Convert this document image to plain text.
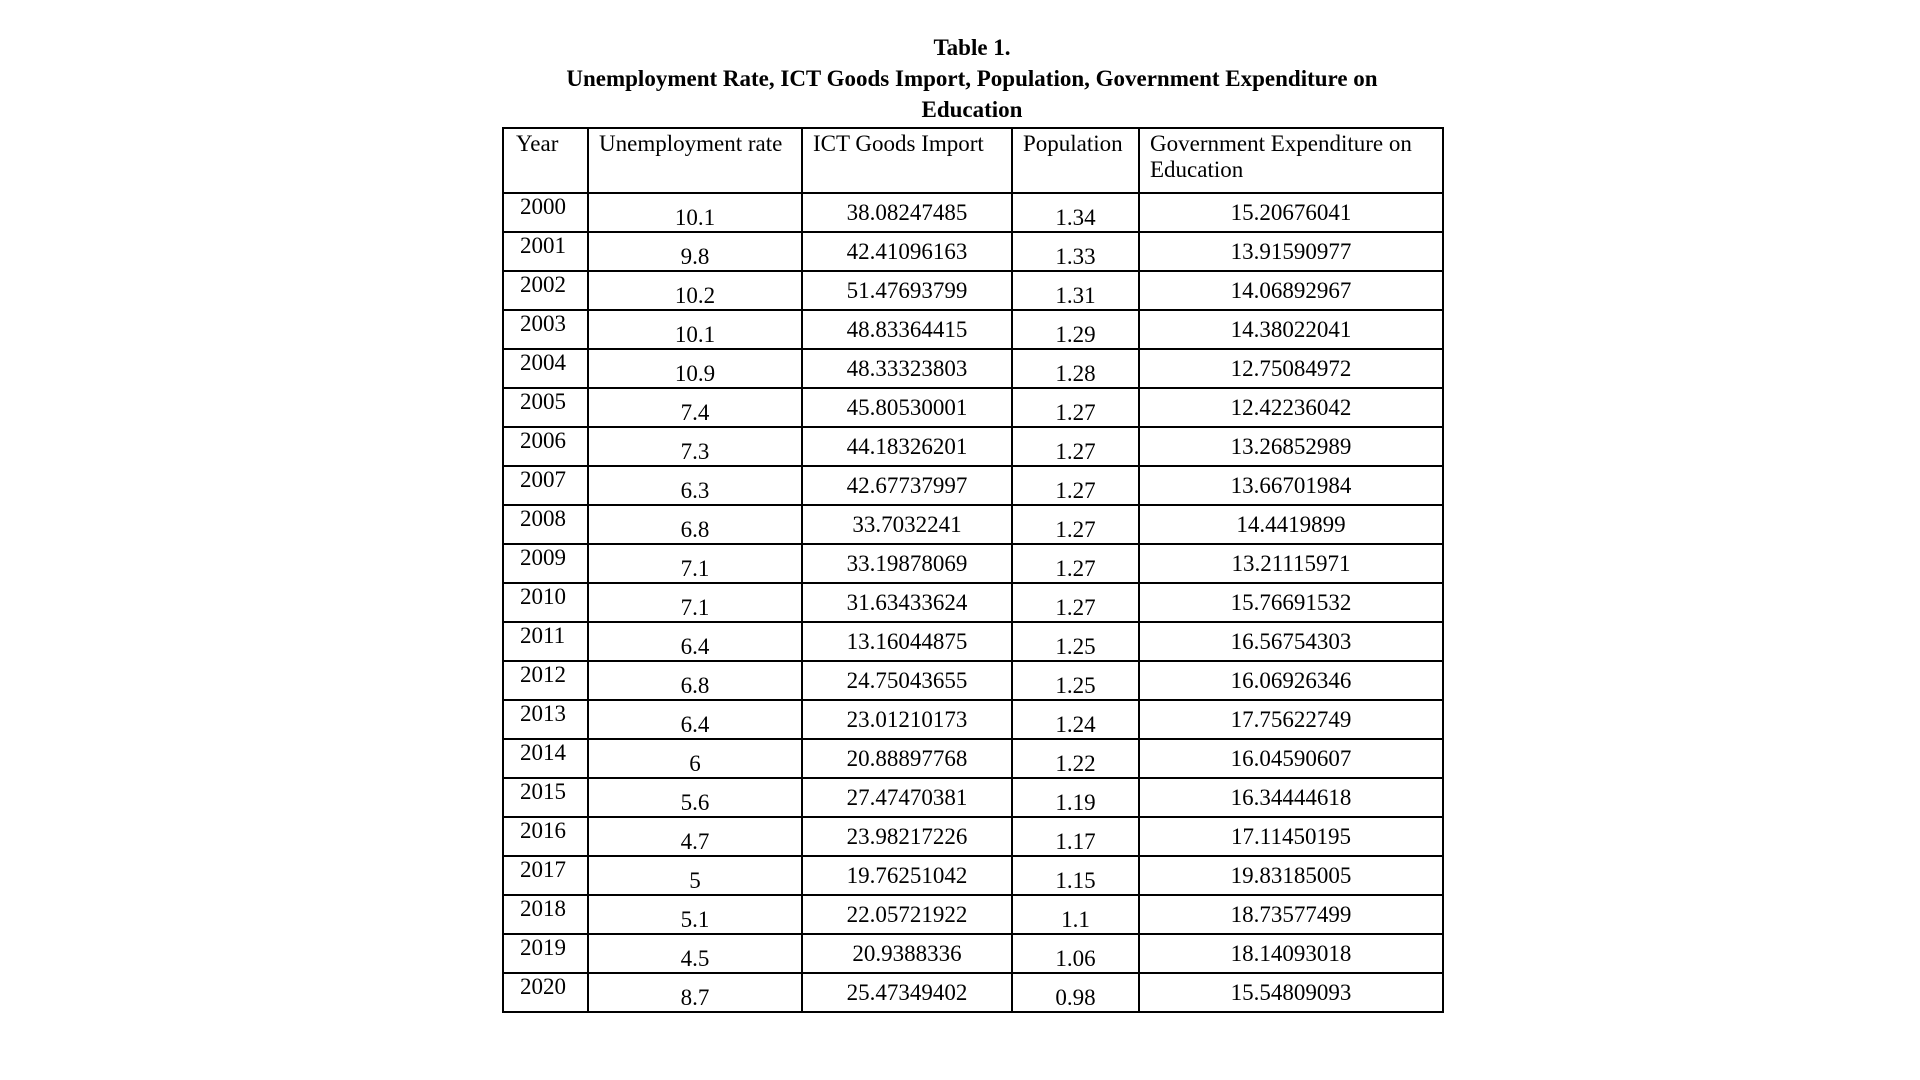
Table 1.
Unemployment Rate, ICT Goods Import, Population, Government Expenditure on
Education
Year	Unemployment rate	ICT Goods Import	Population	Government Expenditure on Education
2000	10.1	38.08247485	1.34	15.20676041
2001	9.8	42.41096163	1.33	13.91590977
2002	10.2	51.47693799	1.31	14.06892967
2003	10.1	48.83364415	1.29	14.38022041
2004	10.9	48.33323803	1.28	12.75084972
2005	7.4	45.80530001	1.27	12.42236042
2006	7.3	44.18326201	1.27	13.26852989
2007	6.3	42.67737997	1.27	13.66701984
2008	6.8	33.7032241	1.27	14.4419899
2009	7.1	33.19878069	1.27	13.21115971
2010	7.1	31.63433624	1.27	15.76691532
2011	6.4	13.16044875	1.25	16.56754303
2012	6.8	24.75043655	1.25	16.06926346
2013	6.4	23.01210173	1.24	17.75622749
2014	6	20.88897768	1.22	16.04590607
2015	5.6	27.47470381	1.19	16.34444618
2016	4.7	23.98217226	1.17	17.11450195
2017	5	19.76251042	1.15	19.83185005
2018	5.1	22.05721922	1.1	18.73577499
2019	4.5	20.9388336	1.06	18.14093018
2020	8.7	25.47349402	0.98	15.54809093
